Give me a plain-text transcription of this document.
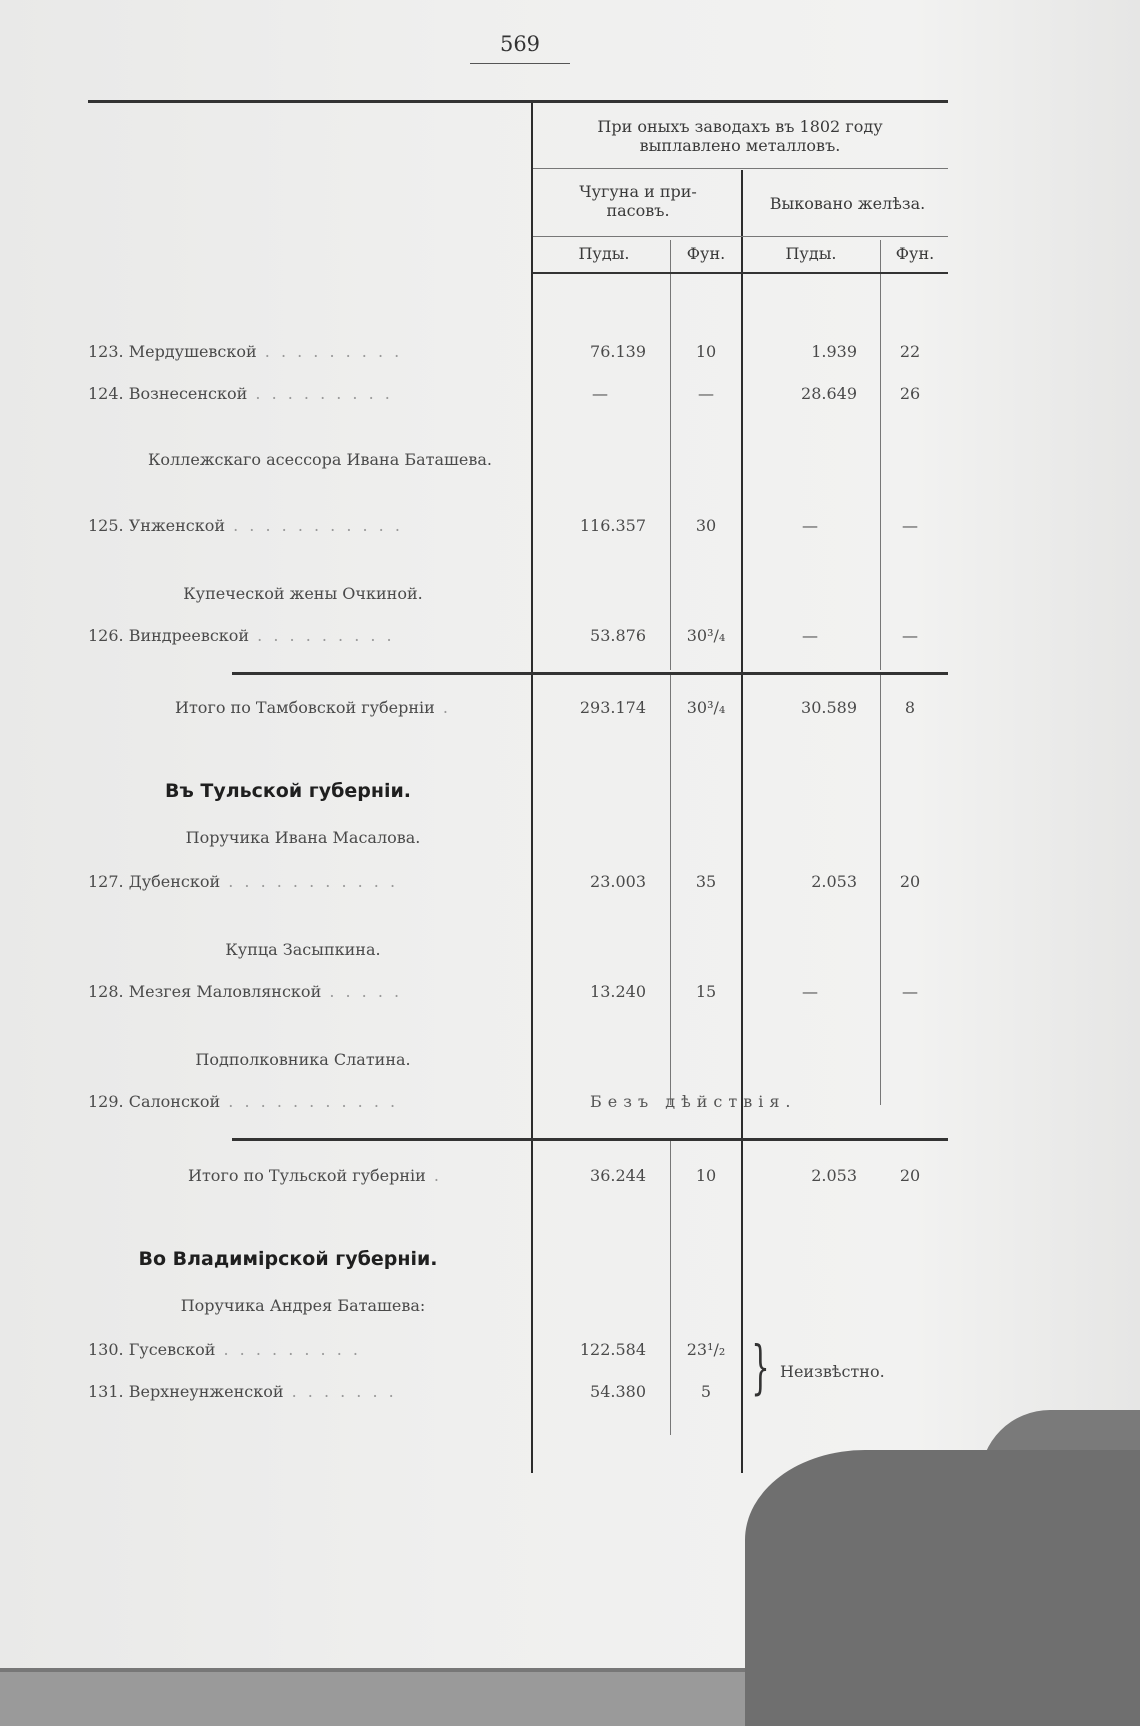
569
При оныхъ заводахъ въ 1802 году выплавлено металловъ.
Чугуна и при-пасовъ.	Выковано желѣза.
Пуды.	Фун.	Пуды.	Фун.
123. Мердушевской . . . . . . . . .	76.139	10	1.939	22
124. Вознесенской . . . . . . . . .	—	—	28.649	26
Коллежскаго асессора Ивана Баташева.
125. Унженской . . . . . . . . . . .	116.357	30	—	—
Купеческой жены Очкиной.
126. Виндреевской . . . . . . . . .	53.876	30³/₄	—	—
Итого по Тамбовской губерніи .	293.174	30³/₄	30.589	8
Въ Тульской губерніи.
Поручика Ивана Масалова.
127. Дубенской . . . . . . . . . . .	23.003	35	2.053	20
Купца Засыпкина.
128. Мезгея Маловлянской . . . . .	13.240	15	—	—
Подполковника Слатина.
129. Салонской . . . . . . . . . . .	Безъ дѣйствія.
Итого по Тульской губерніи .	36.244	10	2.053	20
Во Владимірской губерніи.
Поручика Андрея Баташева:
130. Гусевской . . . . . . . . .	122.584	23¹/₂
131. Верхнеунженской . . . . . . .	54.380	5 } Неизвѣстно.
